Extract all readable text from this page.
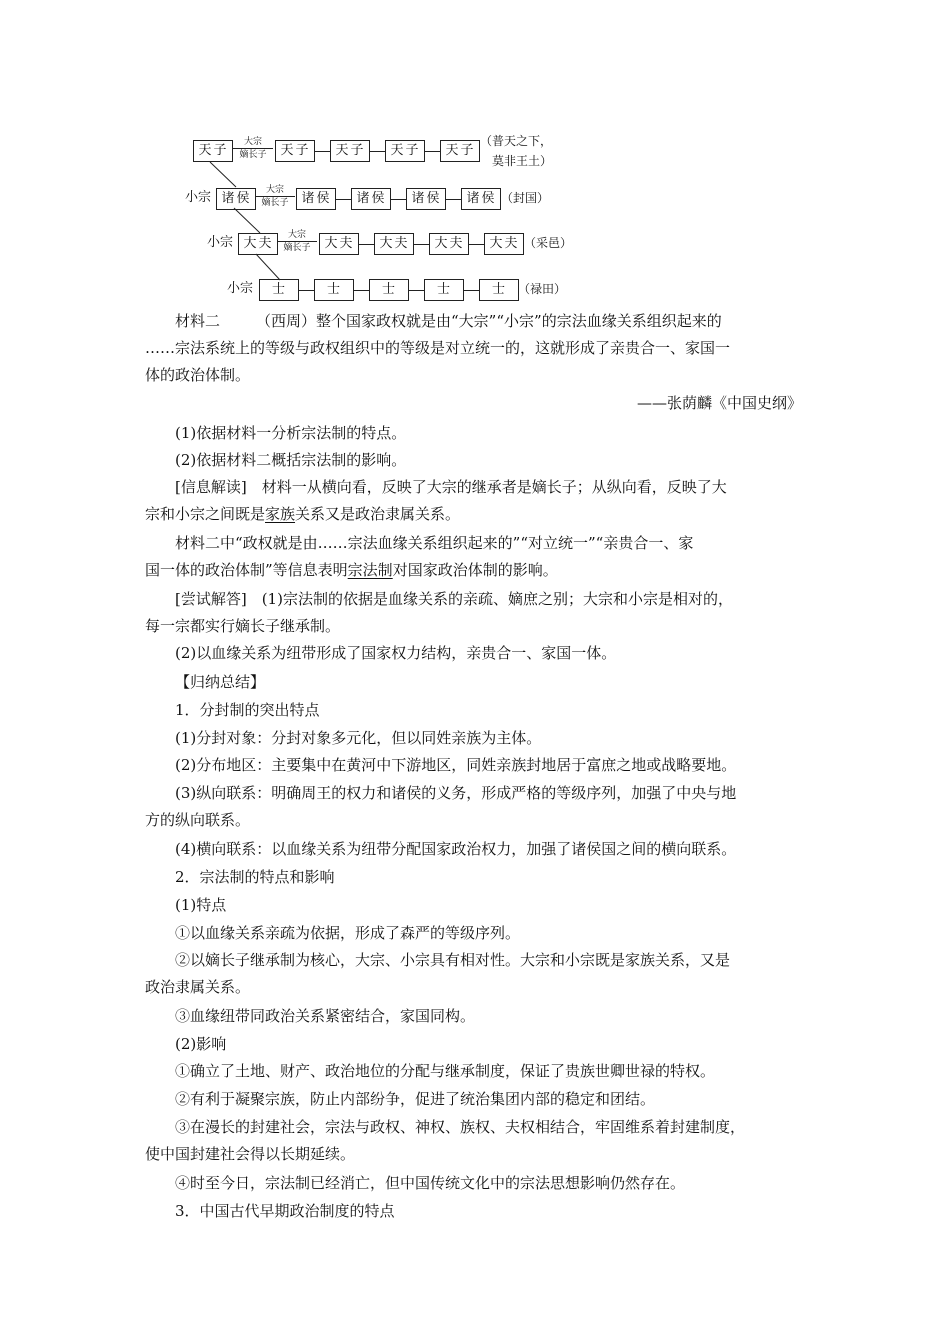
天子
大宗
嫡长子	天子	天子	天子	天子
（普天之下，
莫非王土）
小宗 诸侯
大宗
嫡长子 诸侯	诸侯	诸侯	诸侯 （封国）
小宗 大夫
大宗
嫡长子	大夫	大夫	大夫	大夫 （采邑）
小宗	士	士	士	士	士 （禄田）
材料二 （西周）整个国家政权就是由“大宗”“小宗”的宗法血缘关系组织起来的
……宗法系统上的等级与政权组织中的等级是对立统一的，这就形成了亲贵合一、家国一
体的政治体制。
——张荫麟《中国史纲》
(1)依据材料一分析宗法制的特点。
(2)依据材料二概括宗法制的影响。
[信息解读]　材料一从横向看，反映了大宗的继承者是嫡长子；从纵向看，反映了大
宗和小宗之间既是家族关系又是政治隶属关系。
材料二中“政权就是由……宗法血缘关系组织起来的”“对立统一”“亲贵合一、家
国一体的政治体制”等信息表明宗法制对国家政治体制的影响。
[尝试解答]　(1)宗法制的依据是血缘关系的亲疏、嫡庶之别；大宗和小宗是相对的，
每一宗都实行嫡长子继承制。
(2)以血缘关系为纽带形成了国家权力结构，亲贵合一、家国一体。
【归纳总结】
1．分封制的突出特点
(1)分封对象：分封对象多元化，但以同姓亲族为主体。
(2)分布地区：主要集中在黄河中下游地区，同姓亲族封地居于富庶之地或战略要地。
(3)纵向联系：明确周王的权力和诸侯的义务，形成严格的等级序列，加强了中央与地
方的纵向联系。
(4)横向联系：以血缘关系为纽带分配国家政治权力，加强了诸侯国之间的横向联系。
2．宗法制的特点和影响
(1)特点
①以血缘关系亲疏为依据，形成了森严的等级序列。
②以嫡长子继承制为核心，大宗、小宗具有相对性。大宗和小宗既是家族关系，又是
政治隶属关系。
③血缘纽带同政治关系紧密结合，家国同构。
(2)影响
①确立了土地、财产、政治地位的分配与继承制度，保证了贵族世卿世禄的特权。
②有利于凝聚宗族，防止内部纷争，促进了统治集团内部的稳定和团结。
③在漫长的封建社会，宗法与政权、神权、族权、夫权相结合，牢固维系着封建制度，
使中国封建社会得以长期延续。
④时至今日，宗法制已经消亡，但中国传统文化中的宗法思想影响仍然存在。
3．中国古代早期政治制度的特点
